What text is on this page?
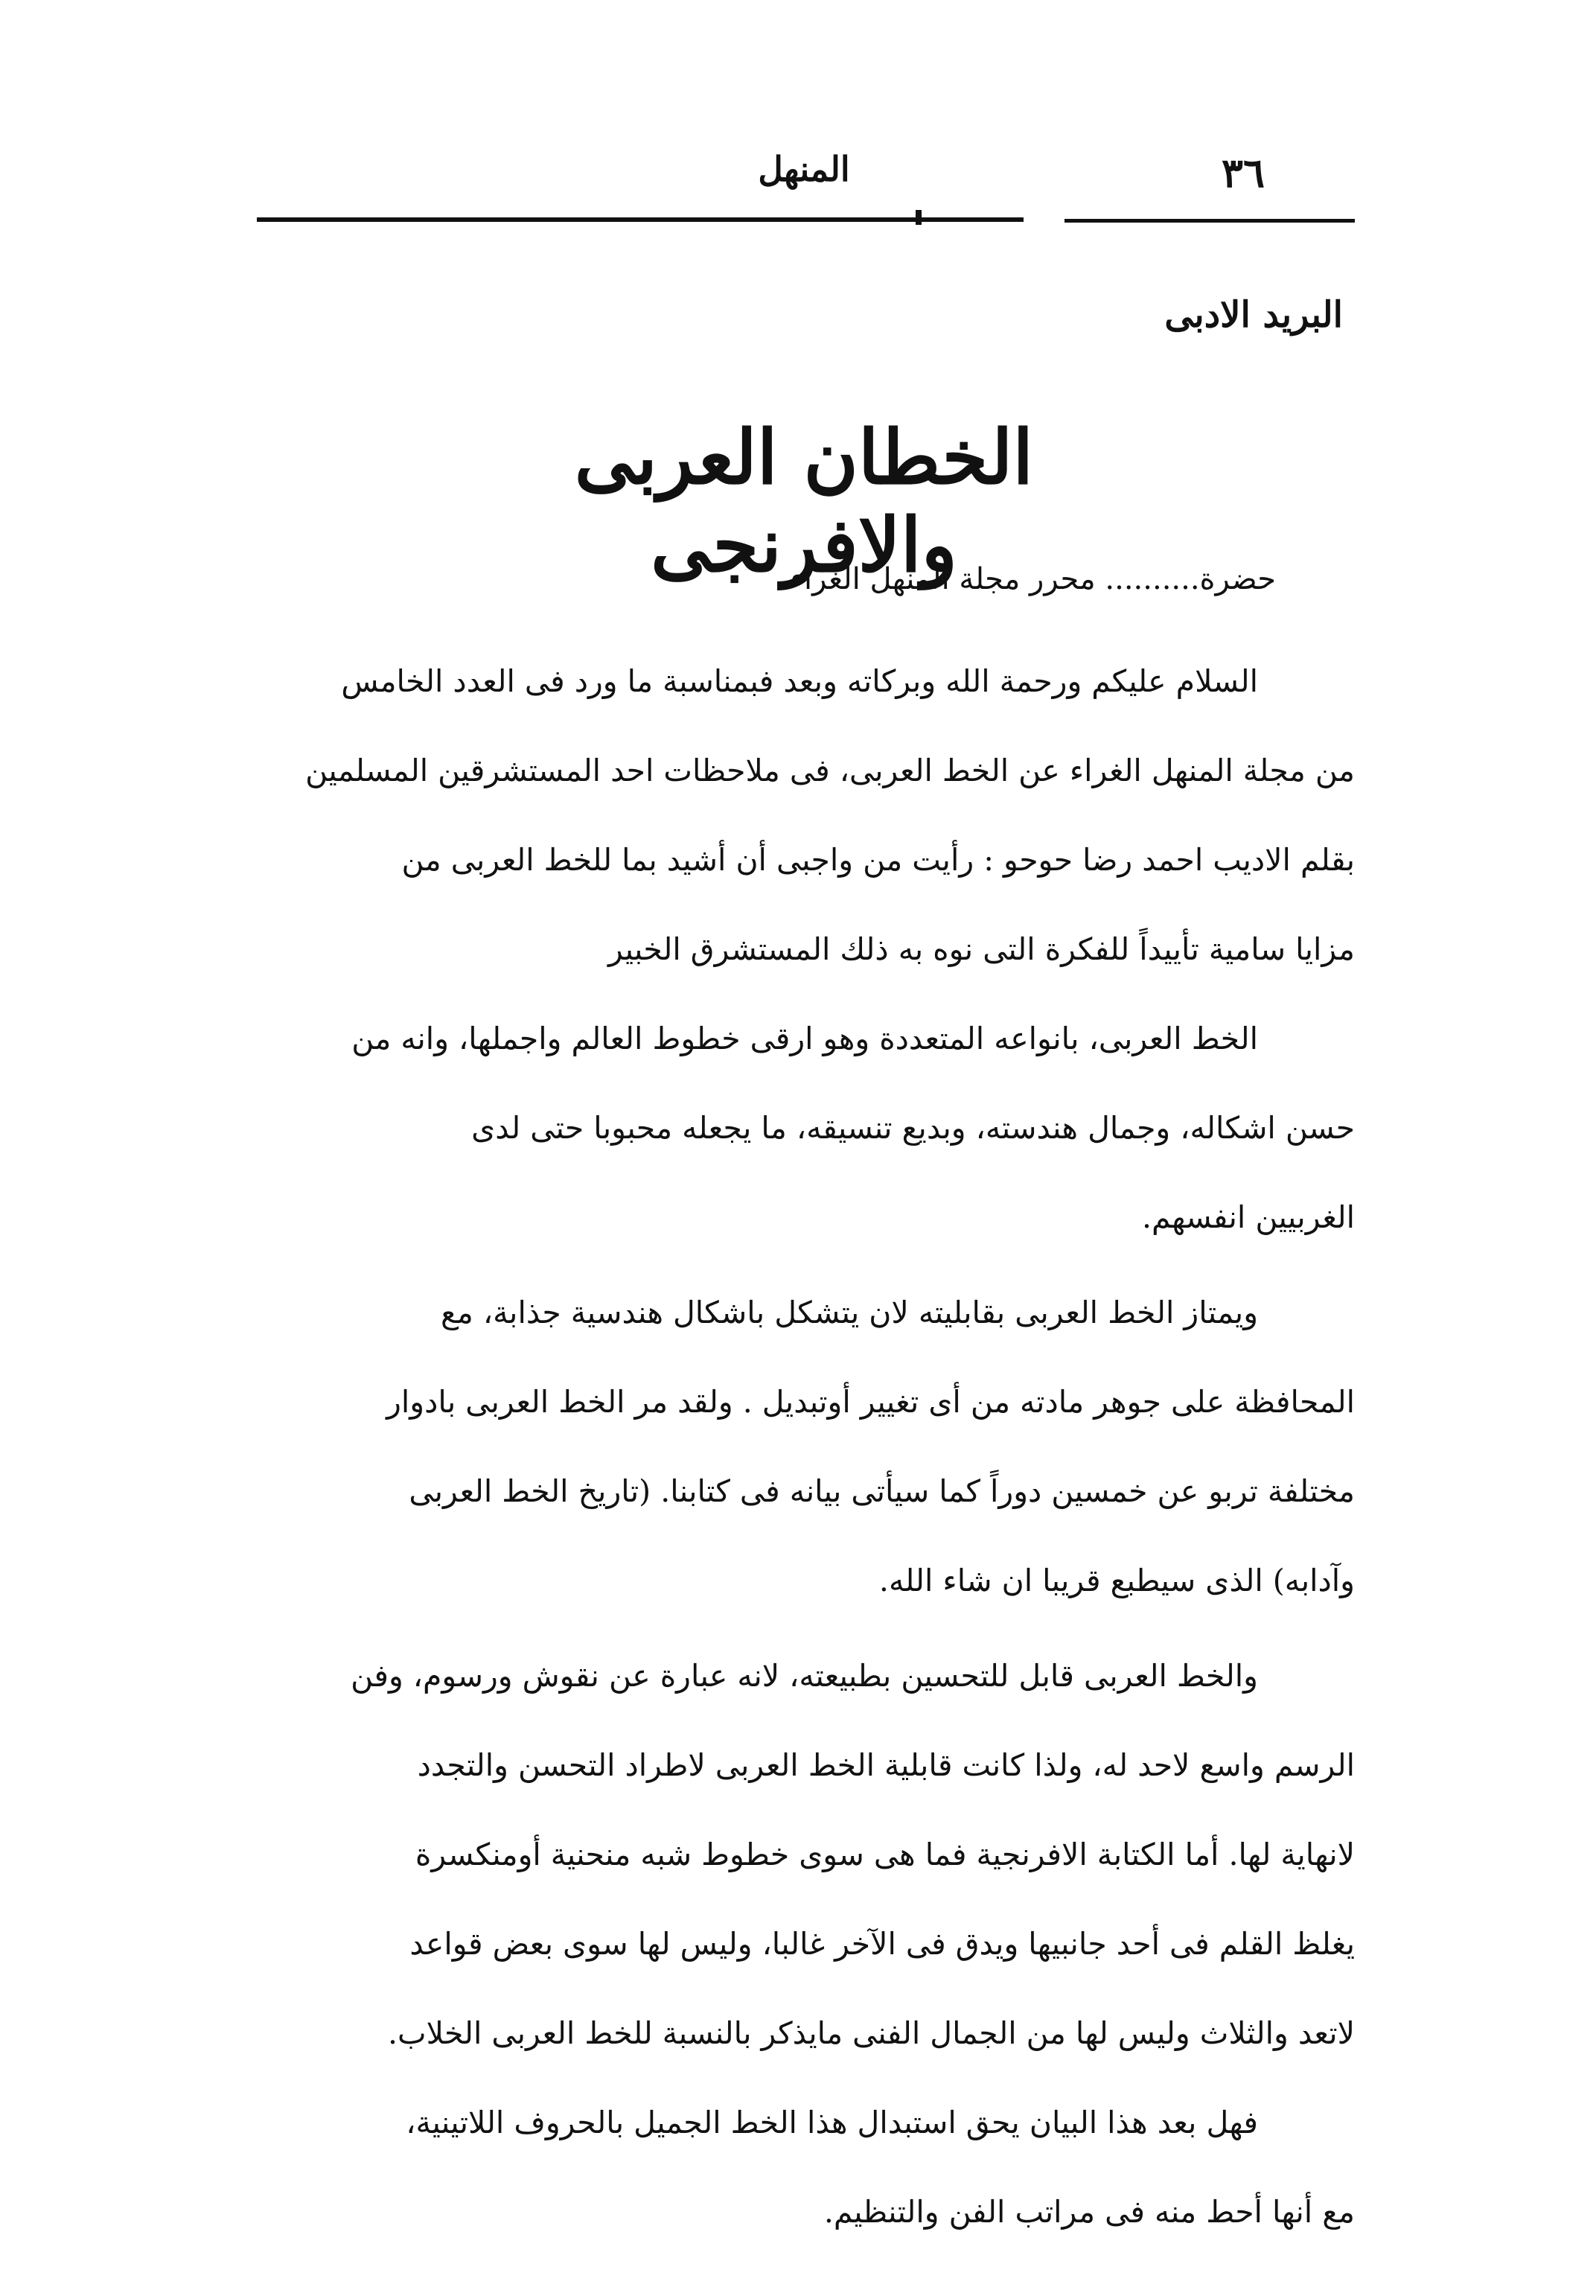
المنهل	٣٦
البريد الادبى
الخطان العربى والافرنجى
حضرة.......... محرر مجلة المنهل الغراء
السلام عليكم ورحمة الله وبركاته وبعد فبمناسبة ما ورد فى العدد الخامس
من مجلة المنهل الغراء عن الخط العربى، فى ملاحظات احد المستشرقين المسلمين
بقلم الاديب احمد رضا حوحو : رأيت من واجبى أن أشيد بما للخط العربى من
مزايا سامية تأييداً للفكرة التى نوه به ذلك المستشرق الخبير
الخط العربى، بانواعه المتعددة وهو ارقى خطوط العالم واجملها، وانه من
حسن اشكاله، وجمال هندسته، وبديع تنسيقه، ما يجعله محبوبا حتى لدى
الغربيين انفسهم.
ويمتاز الخط العربى بقابليته لان يتشكل باشكال هندسية جذابة، مع
المحافظة على جوهر مادته من أى تغيير أوتبديل . ولقد مر الخط العربى بادوار
مختلفة تربو عن خمسين دوراً كما سيأتى بيانه فى كتابنا. (تاريخ الخط العربى
وآدابه) الذى سيطبع قريبا ان شاء الله.
والخط العربى قابل للتحسين بطبيعته، لانه عبارة عن نقوش ورسوم، وفن
الرسم واسع لاحد له، ولذا كانت قابلية الخط العربى لاطراد التحسن والتجدد
لانهاية لها. أما الكتابة الافرنجية فما هى سوى خطوط شبه منحنية أومنكسرة
يغلظ القلم فى أحد جانبيها ويدق فى الآخر غالبا، وليس لها سوى بعض قواعد
لاتعد والثلاث وليس لها من الجمال الفنى مايذكر بالنسبة للخط العربى الخلاب.
فهل بعد هذا البيان يحق استبدال هذا الخط الجميل بالحروف اللاتينية،
مع أنها أحط منه فى مراتب الفن والتنظيم.
